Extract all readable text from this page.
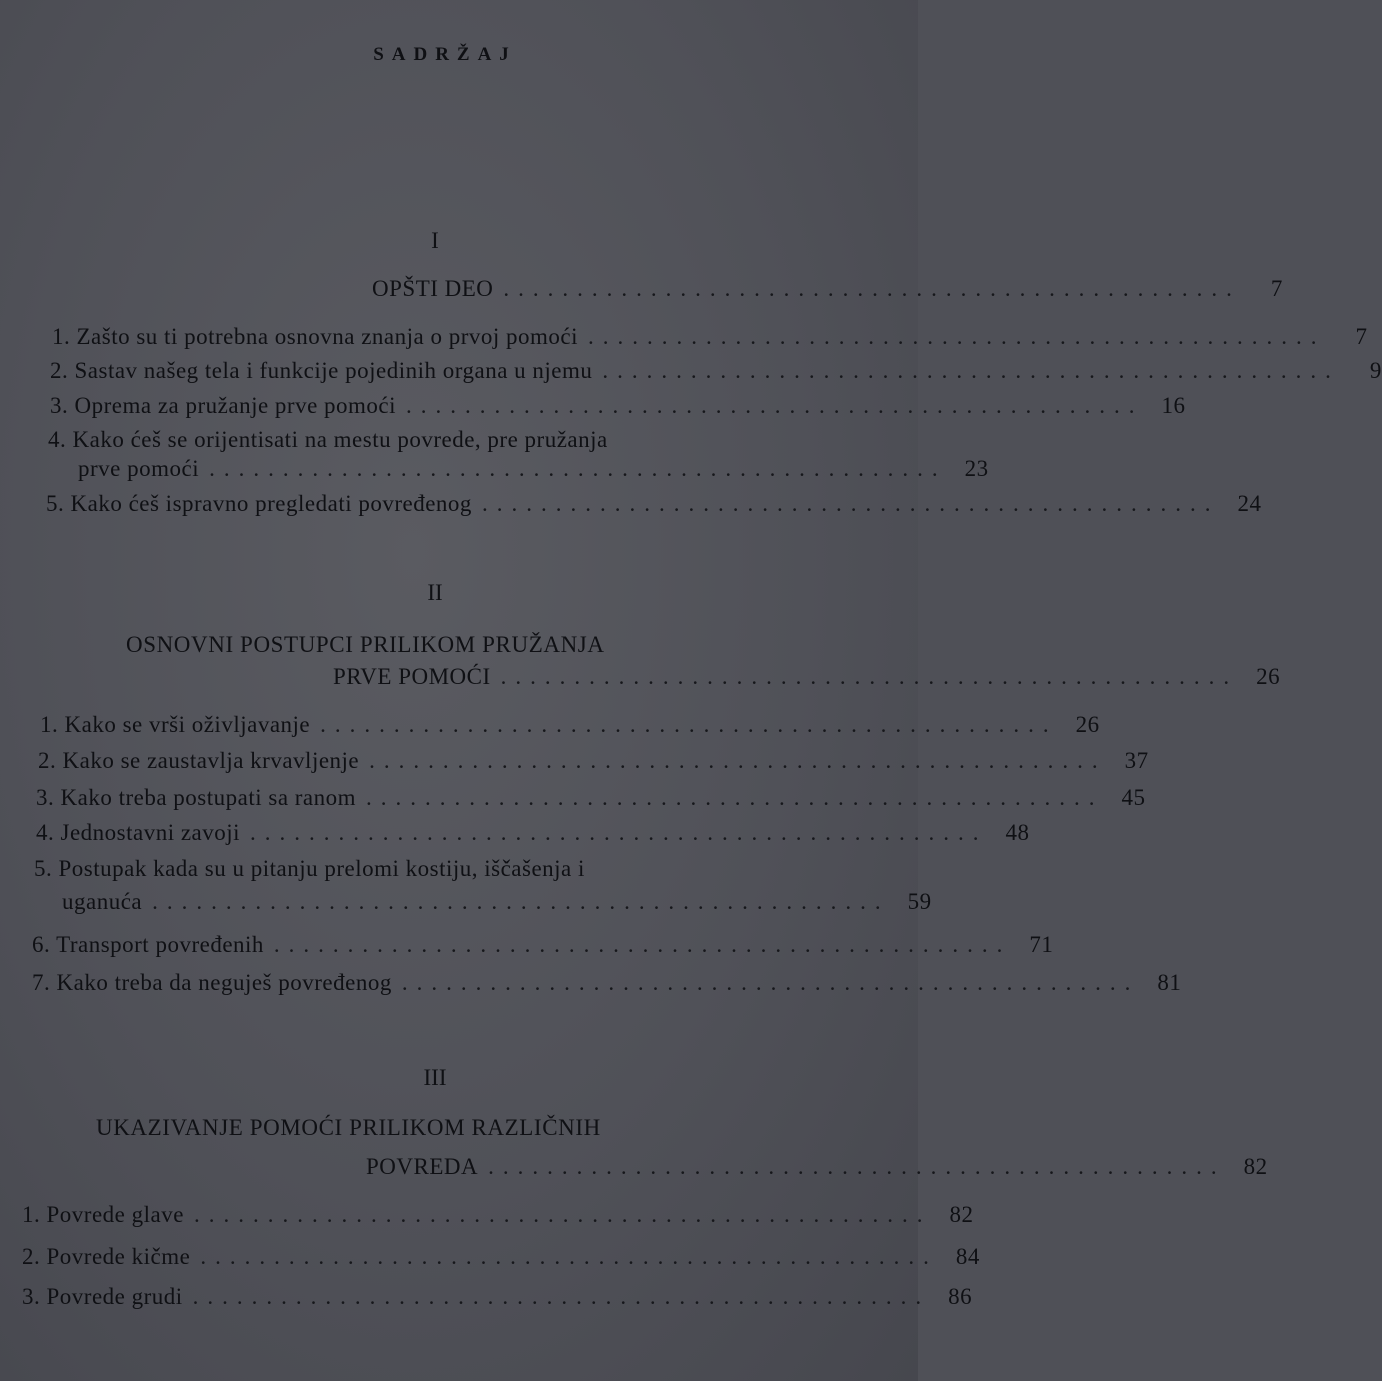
SADRŽAJ
I
OPŠTI DEO ..................................................	7
1. Zašto su ti potrebna osnovna znanja o prvoj pomoći ..................................................	7
2. Sastav našeg tela i funkcije pojedinih organa u njemu ..................................................	9
3. Oprema za pružanje prve pomoći .................................................. 16
4. Kako ćeš se orijentisati na mestu povrede, pre pružanja
prve pomoći .................................................. 23
5. Kako ćeš ispravno pregledati povređenog .................................................. 24
II
OSNOVNI POSTUPCI PRILIKOM PRUŽANJA
PRVE POMOĆI .................................................. 26
1. Kako se vrši oživljavanje .................................................. 26
2. Kako se zaustavlja krvavljenje .................................................. 37
3. Kako treba postupati sa ranom .................................................. 45
4. Jednostavni zavoji .................................................. 48
5. Postupak kada su u pitanju prelomi kostiju, iščašenja i
uganuća .................................................. 59
6. Transport povređenih .................................................. 71
7. Kako treba da neguješ povređenog .................................................. 81
III
UKAZIVANJE POMOĆI PRILIKOM RAZLIČNIH
POVREDA .................................................. 82
1. Povrede glave .................................................. 82
2. Povrede kičme .................................................. 84
3. Povrede grudi .................................................. 86
